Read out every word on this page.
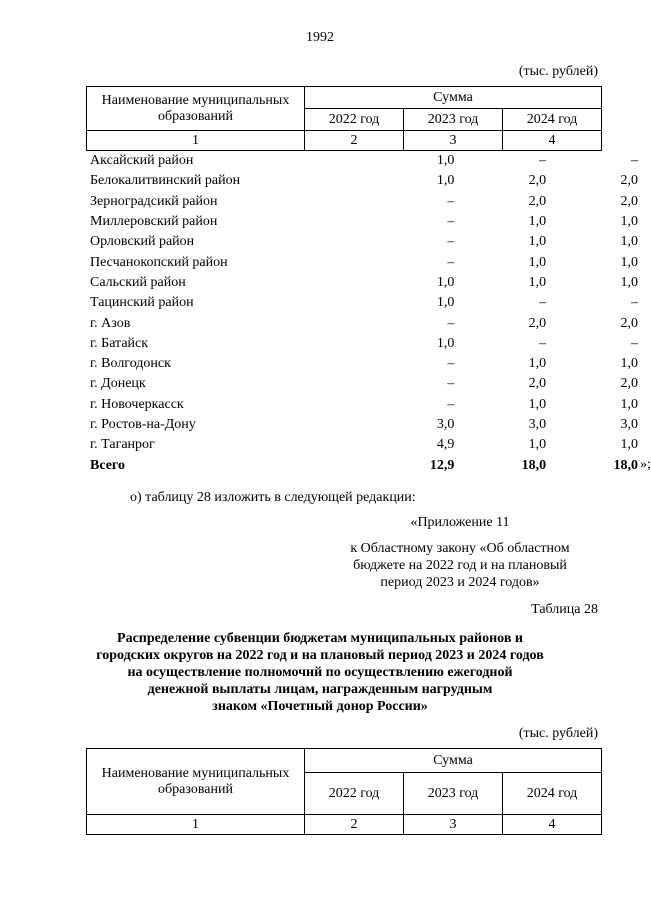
1992
(тыс. рублей)
Наименование муниципальных образований	Сумма		
	2022 год	2023 год	2024 год
1	2	3	4
Аксайский район	1,0	–	–
Белокалитвинский район	1,0	2,0	2,0
Зерноградсикй район	–	2,0	2,0
Миллеровский район	–	1,0	1,0
Орловский район	–	1,0	1,0
Песчанокопский район	–	1,0	1,0
Сальский район	1,0	1,0	1,0
Тацинский район	1,0	–	–
г. Азов	–	2,0	2,0
г. Батайск	1,0	–	–
г. Волгодонск	–	1,0	1,0
г. Донецк	–	2,0	2,0
г. Новочеркасск	–	1,0	1,0
г. Ростов-на-Дону	3,0	3,0	3,0
г. Таганрог	4,9	1,0	1,0
Всего	12,9	18,0	18,0 »;
о) таблицу 28 изложить в следующей редакции:
«Приложение 11
к Областному закону «Об областном
бюджете на 2022 год и на плановый
период 2023 и 2024 годов»
Таблица 28
Распределение субвенции бюджетам муниципальных районов и
городских округов на 2022 год и на плановый период 2023 и 2024 годов
на осуществление полномочий по осуществлению ежегодной
денежной выплаты лицам, награжденным нагрудным
знаком «Почетный донор России»
(тыс. рублей)
Наименование муниципальных образований	Сумма		
	2022 год	2023 год	2024 год
1	2	3	4
